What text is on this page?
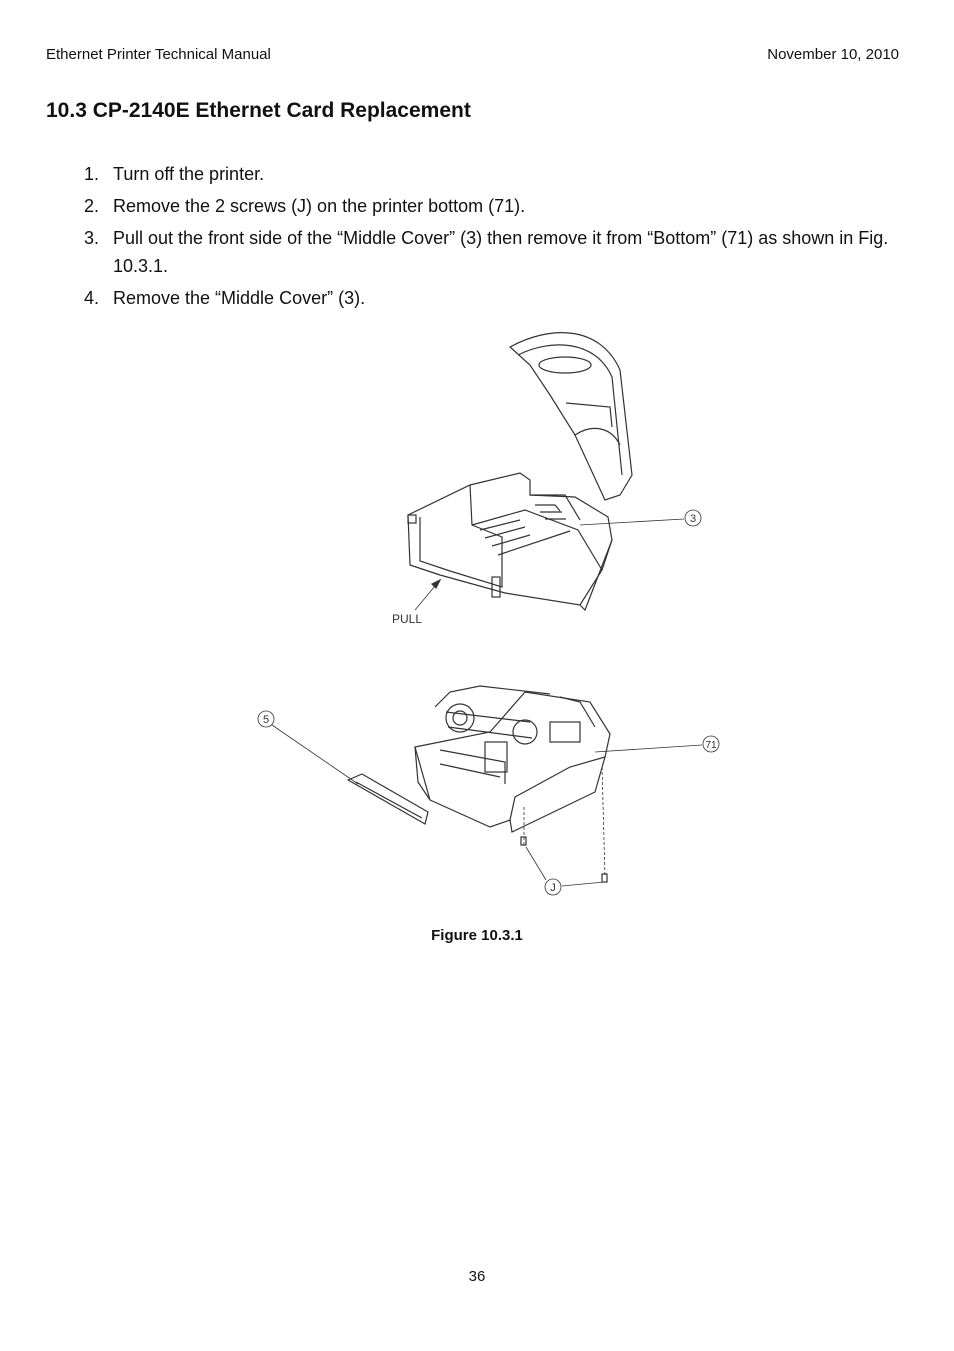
Ethernet Printer Technical Manual	November 10, 2010
10.3 CP-2140E Ethernet Card Replacement
1. Turn off the printer.
2. Remove the 2 screws (J) on the printer bottom (71).
3. Pull out the front side of the “Middle Cover” (3) then remove it from “Bottom” (71) as shown in Fig. 10.3.1.
4. Remove the “Middle Cover” (3).
3
PULL
5
71
J
Figure 10.3.1
36
